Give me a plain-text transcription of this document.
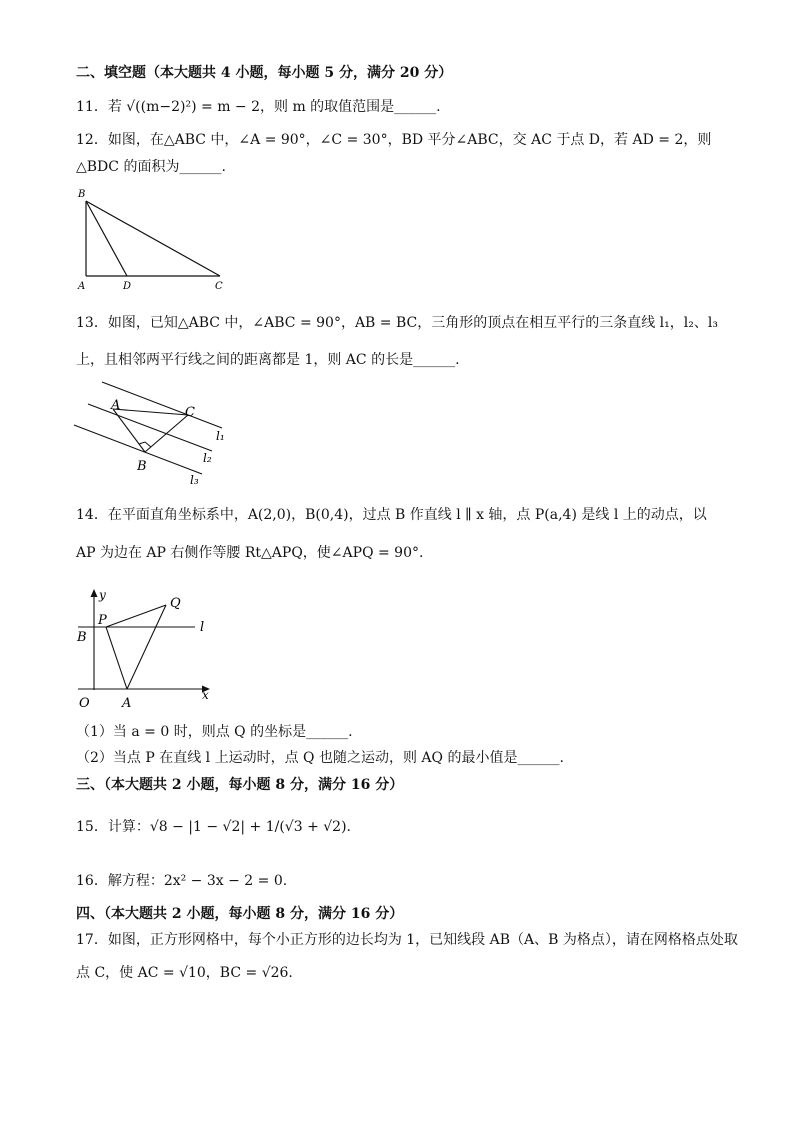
二、填空题（本大题共 4 小题，每小题 5 分，满分 20 分）
11．若 √((m−2)²) = m − 2，则 m 的取值范围是______.
12．如图，在△ABC 中，∠A = 90°，∠C = 30°，BD 平分∠ABC，交 AC 于点 D，若 AD = 2，则
△BDC 的面积为______.
B
A	D	C
13．如图，已知△ABC 中，∠ABC = 90°，AB = BC，三角形的顶点在相互平行的三条直线 l₁，l₂、l₃
上，且相邻两平行线之间的距离都是 1，则 AC 的长是______.
A	C
B
l₁
l₂
l₃
14．在平面直角坐标系中，A(2,0)，B(0,4)，过点 B 作直线 l ∥ x 轴，点 P(a,4) 是线 l 上的动点，以
AP 为边在 AP 右侧作等腰 Rt△APQ，使∠APQ = 90°.
y
Q
P
B
l
O A
x
（1）当 a = 0 时，则点 Q 的坐标是______.
（2）当点 P 在直线 l 上运动时，点 Q 也随之运动，则 AQ 的最小值是______.
三、（本大题共 2 小题，每小题 8 分，满分 16 分）
15．计算：√8 − |1 − √2| + 1/(√3 + √2).
16．解方程：2x² − 3x − 2 = 0.
四、（本大题共 2 小题，每小题 8 分，满分 16 分）
17．如图，正方形网格中，每个小正方形的边长均为 1，已知线段 AB（A、B 为格点），请在网格格点处取
点 C，使 AC = √10，BC = √26.
